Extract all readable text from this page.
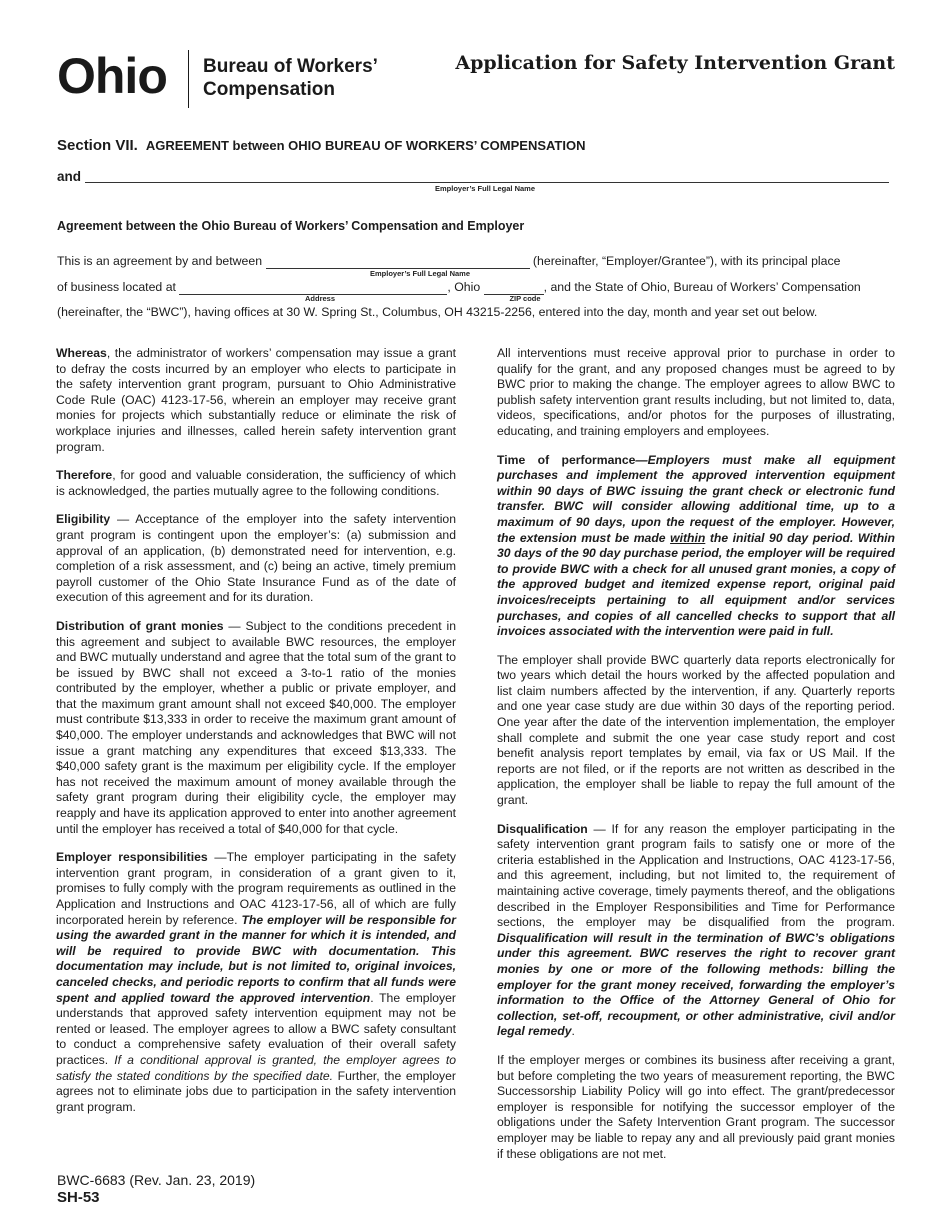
Ohio Bureau of Workers’
Compensation
Application for Safety Intervention Grant
Section VII. AGREEMENT between OHIO BUREAU OF WORKERS’ COMPENSATION
and
Employer’s Full Legal Name
Agreement between the Ohio Bureau of Workers’ Compensation and Employer
This is an agreement by and between	(hereinafter, “Employer/Grantee”), with its principal place
Employer’s Full Legal Name
of business located at	, Ohio	, and the State of Ohio, Bureau of Workers’ Compensation
Address	ZIP code
(hereinafter, the “BWC”), having offices at 30 W. Spring St., Columbus, OH 43215-2256, entered into the day, month and year set out below.

Whereas, the administrator of workers’ compensation may issue a grant to defray the costs incurred by an employer who elects to participate in the safety intervention grant program, pursuant to Ohio Administrative Code Rule (OAC) 4123-17-56, wherein an employer may receive grant monies for projects which substantially reduce or eliminate the risk of workplace injuries and illnesses, called herein safety intervention grant program.

Therefore, for good and valuable consideration, the sufficiency of which is acknowledged, the parties mutually agree to the following conditions.

Eligibility — Acceptance of the employer into the safety intervention grant program is contingent upon the employer’s: (a) submission and approval of an application, (b) demonstrated need for intervention, e.g. completion of a risk assessment, and (c) being an active, timely premium payroll customer of the Ohio State Insurance Fund as of the date of execution of this agreement and for its duration.

Distribution of grant monies — Subject to the conditions precedent in this agreement and subject to available BWC resources, the employer and BWC mutually understand and agree that the total sum of the grant to be issued by BWC shall not exceed a 3-to-1 ratio of the monies contributed by the employer, whether a public or private employer, and that the maximum grant amount shall not exceed $40,000. The employer must contribute $13,333 in order to receive the maximum grant amount of $40,000. The employer understands and acknowledges that BWC will not issue a grant matching any expenditures that exceed $13,333. The $40,000 safety grant is the maximum per eligibility cycle. If the employer has not received the maximum amount of money available through the safety grant program during their eligibility cycle, the employer may reapply and have its application approved to enter into another agreement until the employer has received a total of $40,000 for that cycle.

Employer responsibilities —The employer participating in the safety intervention grant program, in consideration of a grant given to it, promises to fully comply with the program requirements as outlined in the Application and Instructions and OAC 4123-17-56, all of which are fully incorporated herein by reference. The employer will be responsible for using the awarded grant in the manner for which it is intended, and will be required to provide BWC with documentation. This documentation may include, but is not limited to, original invoices, canceled checks, and periodic reports to confirm that all funds were spent and applied toward the approved intervention. The employer understands that approved safety intervention equipment may not be rented or leased. The employer agrees to allow a BWC safety consultant to conduct a comprehensive safety evaluation of their overall safety practices. If a conditional approval is granted, the employer agrees to satisfy the stated conditions by the specified date. Further, the employer agrees not to eliminate jobs due to participation in the safety intervention grant program.

All interventions must receive approval prior to purchase in order to qualify for the grant, and any proposed changes must be agreed to by BWC prior to making the change. The employer agrees to allow BWC to publish safety intervention grant results including, but not limited to, data, videos, specifications, and/or photos for the purposes of illustrating, educating, and training employers and employees.

Time of performance—Employers must make all equipment purchases and implement the approved intervention equipment within 90 days of BWC issuing the grant check or electronic fund transfer. BWC will consider allowing additional time, up to a maximum of 90 days, upon the request of the employer. However, the extension must be made within the initial 90 day period. Within 30 days of the 90 day purchase period, the employer will be required to provide BWC with a check for all unused grant monies, a copy of the approved budget and itemized expense report, original paid invoices/receipts pertaining to all equipment and/or services purchases, and copies of all cancelled checks to support that all invoices associated with the intervention were paid in full.

The employer shall provide BWC quarterly data reports electronically for two years which detail the hours worked by the affected population and list claim numbers affected by the intervention, if any. Quarterly reports and one year case study are due within 30 days of the reporting period. One year after the date of the intervention implementation, the employer shall complete and submit the one year case study report and cost benefit analysis report templates by email, via fax or US Mail. If the reports are not filed, or if the reports are not written as described in the application, the employer shall be liable to repay the full amount of the grant.

Disqualification — If for any reason the employer participating in the safety intervention grant program fails to satisfy one or more of the criteria established in the Application and Instructions, OAC 4123-17-56, and this agreement, including, but not limited to, the requirement of maintaining active coverage, timely payments thereof, and the obligations described in the Employer Responsibilities and Time for Performance sections, the employer may be disqualified from the program. Disqualification will result in the termination of BWC’s obligations under this agreement. BWC reserves the right to recover grant monies by one or more of the following methods: billing the employer for the grant money received, forwarding the employer’s information to the Office of the Attorney General of Ohio for collection, set-off, recoupment, or other administrative, civil and/or legal remedy.

If the employer merges or combines its business after receiving a grant, but before completing the two years of measurement reporting, the BWC Successorship Liability Policy will go into effect. The grant/predecessor employer is responsible for notifying the successor employer of the obligations under the Safety Intervention Grant program. The successor employer may be liable to repay any and all previously paid grant monies if these obligations are not met.

BWC-6683 (Rev. Jan. 23, 2019)
SH-53
